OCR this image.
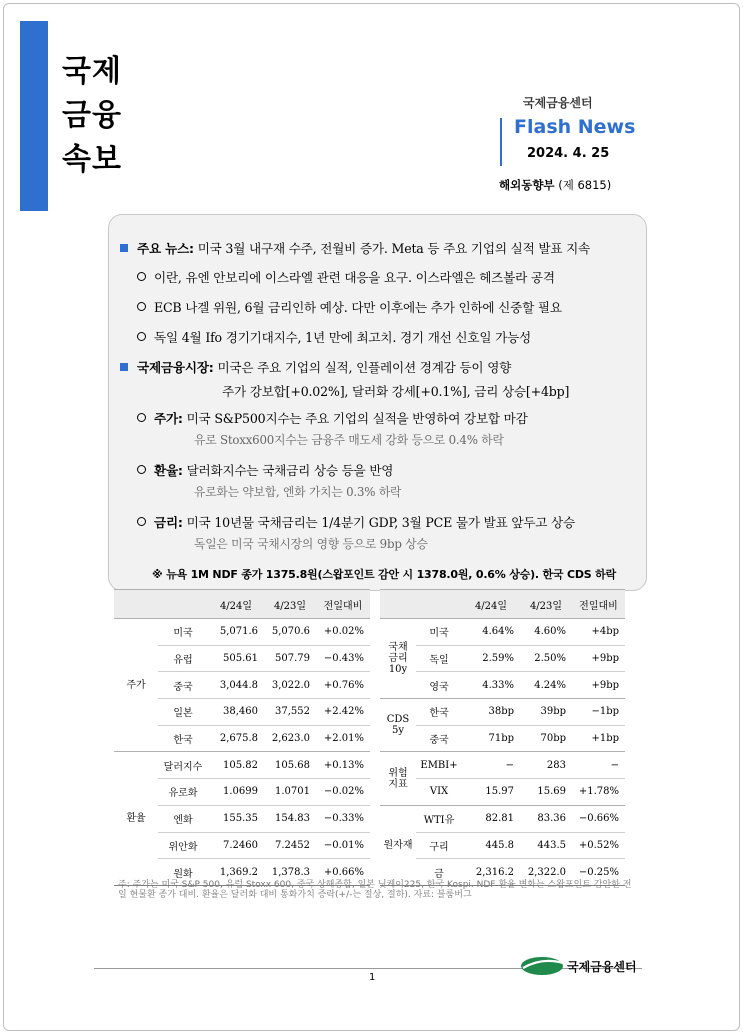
국제
금융
속보
국제금융센터
Flash News
2024. 4. 25
해외동향부 (제 6815)
주요 뉴스: 미국 3월 내구재 수주, 전월비 증가. Meta 등 주요 기업의 실적 발표 지속
이란, 유엔 안보리에 이스라엘 관련 대응을 요구. 이스라엘은 헤즈볼라 공격
ECB 나겔 위원, 6월 금리인하 예상. 다만 이후에는 추가 인하에 신중할 필요
독일 4월 Ifo 경기기대지수, 1년 만에 최고치. 경기 개선 신호일 가능성
국제금융시장: 미국은 주요 기업의 실적, 인플레이션 경계감 등이 영향
주가 강보합[+0.02%], 달러화 강세[+0.1%], 금리 상승[+4bp]
주가: 미국 S&P500지수는 주요 기업의 실적을 반영하여 강보합 마감
유로 Stoxx600지수는 금융주 매도세 강화 등으로 0.4% 하락
환율: 달러화지수는 국채금리 상승 등을 반영
유로화는 약보합, 엔화 가치는 0.3% 하락
금리: 미국 10년물 국채금리는 1/4분기 GDP, 3월 PCE 물가 발표 앞두고 상승
독일은 미국 국채시장의 영향 등으로 9bp 상승
※ 뉴욕 1M NDF 종가 1375.8원(스왑포인트 감안 시 1378.0원, 0.6% 상승). 한국 CDS 하락
		4/24일	4/23일	전일대비
주가	미국	5,071.6	5,070.6	+0.02%
	유럽	505.61	507.79	−0.43%
	중국	3,044.8	3,022.0	+0.76%
	일본	38,460	37,552	+2.42%
	한국	2,675.8	2,623.0	+2.01%
환율	달러지수	105.82	105.68	+0.13%
	유로화	1.0699	1.0701	−0.02%
	엔화	155.35	154.83	−0.33%
	위안화	7.2460	7.2452	−0.01%
	원화	1,369.2	1,378.3	+0.66%
		4/24일	4/23일	전일대비
국채
금리
10y	미국	4.64%	4.60%	+4bp
	독일	2.59%	2.50%	+9bp
	영국	4.33%	4.24%	+9bp
CDS
5y	한국	38bp	39bp	−1bp
	중국	71bp	70bp	+1bp
위험
지표	EMBI+	−	283	−
	VIX	15.97	15.69	+1.78%
원자재	WTI유	82.81	83.36	−0.66%
	구리	445.8	443.5	+0.52%
	금	2,316.2	2,322.0	−0.25%
주: 주가는 미국 S&P 500, 유럽 Stoxx 600, 중국 상해종합, 일본 닛케이225, 한국 Kospi. NDF 환율 변화는 스왑포인트 감안한 전일 현물환 종가 대비. 환율은 달러화 대비 통화가치 증락(+/-는 절상, 절하). 자료: 블룸버그
1
국제금융센터
